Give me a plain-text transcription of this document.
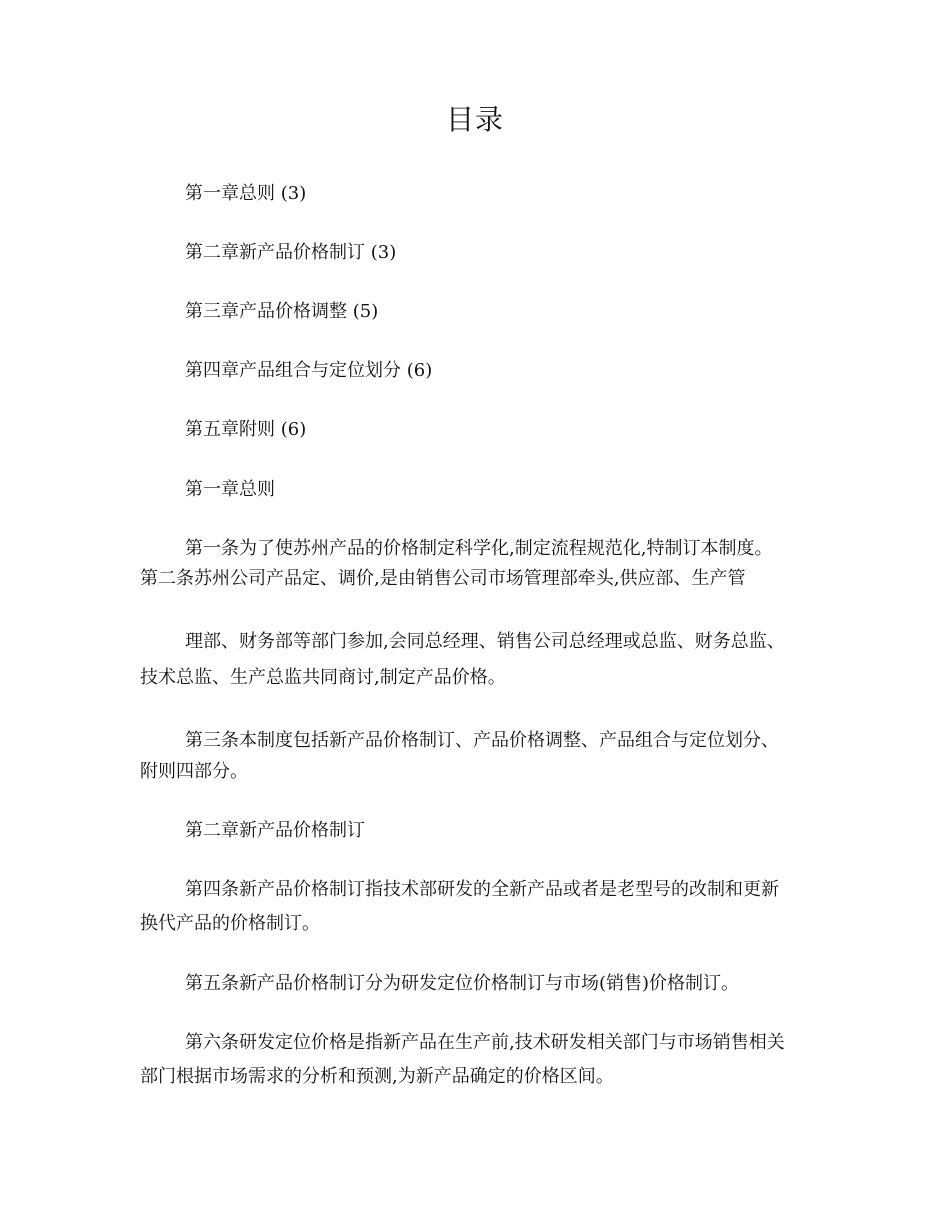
目录
第一章总则 (3)
第二章新产品价格制订 (3)
第三章产品价格调整 (5)
第四章产品组合与定位划分 (6)
第五章附则 (6)
第一章总则
第一条为了使苏州产品的价格制定科学化,制定流程规范化,特制订本制度。
第二条苏州公司产品定、调价,是由销售公司市场管理部牵头,供应部、生产管
理部、财务部等部门参加,会同总经理、销售公司总经理或总监、财务总监、
技术总监、生产总监共同商讨,制定产品价格。
第三条本制度包括新产品价格制订、产品价格调整、产品组合与定位划分、
附则四部分。
第二章新产品价格制订
第四条新产品价格制订指技术部研发的全新产品或者是老型号的改制和更新
换代产品的价格制订。
第五条新产品价格制订分为研发定位价格制订与市场(销售)价格制订。
第六条研发定位价格是指新产品在生产前,技术研发相关部门与市场销售相关
部门根据市场需求的分析和预测,为新产品确定的价格区间。
